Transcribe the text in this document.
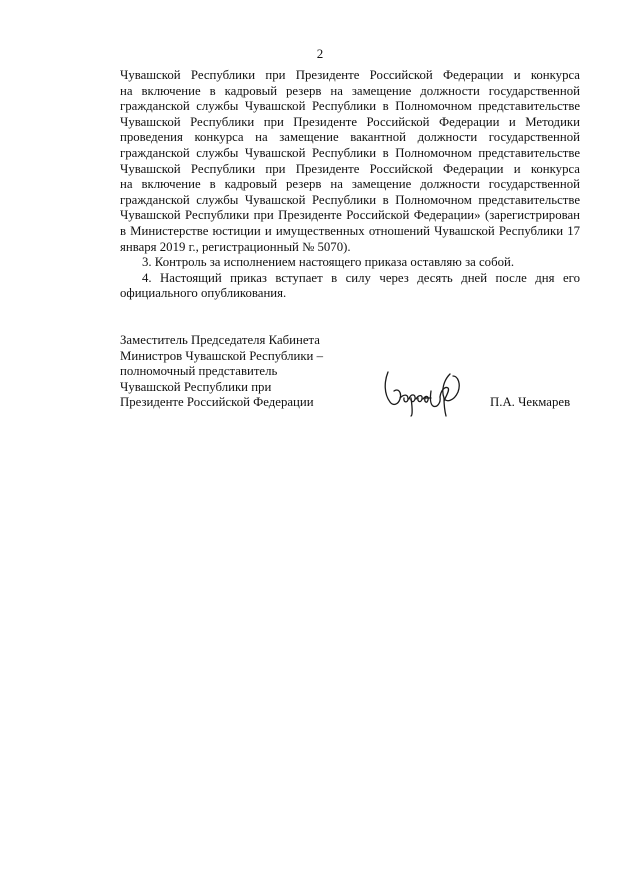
2
Чувашской Республики при Президенте Российской Федерации и конкурса
на включение в кадровый резерв на замещение должности государственной
гражданской службы Чувашской Республики в Полномочном представительстве
Чувашской Республики при Президенте Российской Федерации и Методики
проведения конкурса на замещение вакантной должности государственной
гражданской службы Чувашской Республики в Полномочном представительстве
Чувашской Республики при Президенте Российской Федерации и конкурса
на включение в кадровый резерв на замещение должности государственной
гражданской службы Чувашской Республики в Полномочном представительстве
Чувашской Республики при Президенте Российской Федерации» (зарегистрирован
в Министерстве юстиции и имущественных отношений Чувашской Республики 17
января 2019 г., регистрационный № 5070).
3. Контроль за исполнением настоящего приказа оставляю за собой.
4. Настоящий приказ вступает в силу через десять дней после дня его
официального опубликования.
Заместитель Председателя Кабинета
Министров Чувашской Республики –
полномочный представитель
Чувашской Республики при
Президенте Российской Федерации	П.А. Чекмарев
